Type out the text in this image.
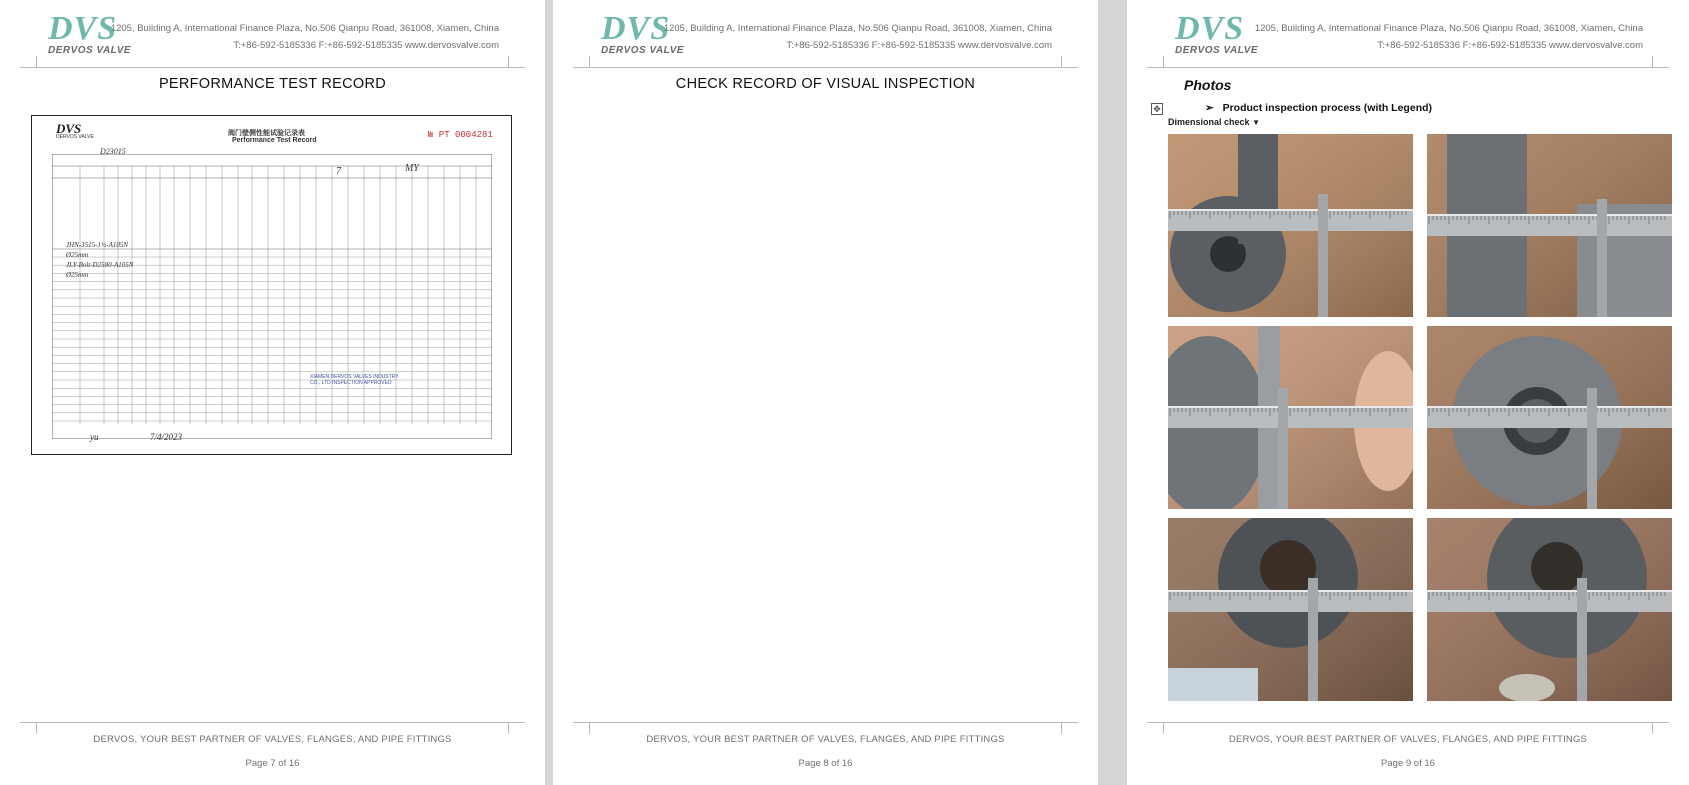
DVS
DERVOS VALVE
1205, Building A, International Finance Plaza, No.506 Qianpu Road, 361008, Xiamen, China
T:+86-592-5185336 F:+86-592-5185335 www.dervosvalve.com
PERFORMANCE TEST RECORD
DVS
DERVOS VALVE	阀门壁侧性能试验记录表
Performance Test Record
№ PT 0004281
D23015
7	MY
JHN-3515-1½-A105N
Ø25mm
JLY-Bolt-D2580-A105N
Ø25mm
XIAMEN DERVOS VALVES INDUSTRY CO., LTD INSPECTION APPROVED
yu	7/4/2023
DERVOS, YOUR BEST PARTNER OF VALVES, FLANGES, AND PIPE FITTINGS
Page 7 of 16
DVS
DERVOS VALVE
1205, Building A, International Finance Plaza, No.506 Qianpu Road, 361008, Xiamen, China
T:+86-592-5185336 F:+86-592-5185335 www.dervosvalve.com
CHECK RECORD OF VISUAL INSPECTION

DERVOS, YOUR BEST PARTNER OF VALVES, FLANGES, AND PIPE FITTINGS
Page 8 of 16
DVS
DERVOS VALVE
1205, Building A, International Finance Plaza, No.506 Qianpu Road, 361008, Xiamen, China
T:+86-592-5185336 F:+86-592-5185335 www.dervosvalve.com
Photos
✥	➢ Product inspection process (with Legend)
Dimensional check ▼
DERVOS, YOUR BEST PARTNER OF VALVES, FLANGES, AND PIPE FITTINGS
Page 9 of 16
